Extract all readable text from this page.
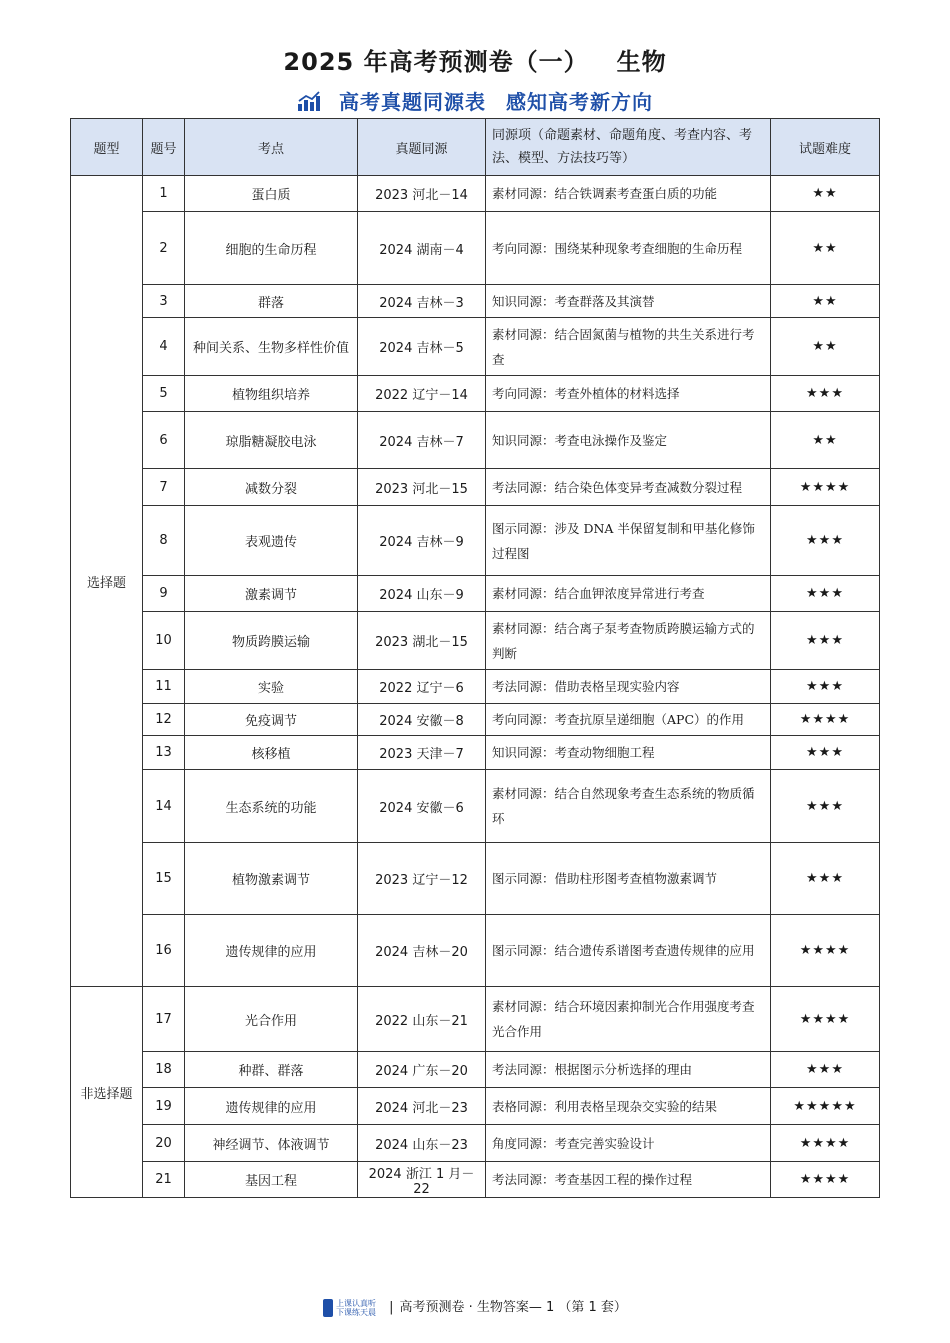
2025 年高考预测卷（一） 生物
高考真题同源表 感知高考新方向
题型	题号	考点	真题同源	同源项（命题素材、命题角度、考查内容、考法、模型、方法技巧等）	试题难度
选择题	1	蛋白质	2023 河北－14	素材同源：结合铁调素考查蛋白质的功能	★★
	2	细胞的生命历程	2024 湖南－4	考向同源：围绕某种现象考查细胞的生命历程	★★
	3	群落	2024 吉林－3	知识同源：考查群落及其演替	★★
	4	种间关系、生物多样性价值	2024 吉林－5	素材同源：结合固氮菌与植物的共生关系进行考查	★★
	5	植物组织培养	2022 辽宁－14	考向同源：考查外植体的材料选择	★★★
	6	琼脂糖凝胶电泳	2024 吉林－7	知识同源：考查电泳操作及鉴定	★★
	7	减数分裂	2023 河北－15	考法同源：结合染色体变异考查减数分裂过程	★★★★
	8	表观遗传	2024 吉林－9	图示同源：涉及 DNA 半保留复制和甲基化修饰过程图	★★★
	9	激素调节	2024 山东－9	素材同源：结合血钾浓度异常进行考查	★★★
	10	物质跨膜运输	2023 湖北－15	素材同源：结合离子泵考查物质跨膜运输方式的判断	★★★
	11	实验	2022 辽宁－6	考法同源：借助表格呈现实验内容	★★★
	12	免疫调节	2024 安徽－8	考向同源：考查抗原呈递细胞（APC）的作用	★★★★
	13	核移植	2023 天津－7	知识同源：考查动物细胞工程	★★★
	14	生态系统的功能	2024 安徽－6	素材同源：结合自然现象考查生态系统的物质循环	★★★
	15	植物激素调节	2023 辽宁－12	图示同源：借助柱形图考查植物激素调节	★★★
	16	遗传规律的应用	2024 吉林－20	图示同源：结合遗传系谱图考查遗传规律的应用	★★★★
非选择题	17	光合作用	2022 山东－21	素材同源：结合环境因素抑制光合作用强度考查光合作用	★★★★
	18	种群、群落	2024 广东－20	考法同源：根据图示分析选择的理由	★★★
	19	遗传规律的应用	2024 河北－23	表格同源：利用表格呈现杂交实验的结果	★★★★★
	20	神经调节、体液调节	2024 山东－23	角度同源：考查完善实验设计	★★★★
	21	基因工程	2024 浙江 1 月－22	考法同源：考查基因工程的操作过程	★★★★
上课认真听
下课练天晨 | 高考预测卷 · 生物答案— 1 （第 1 套）
